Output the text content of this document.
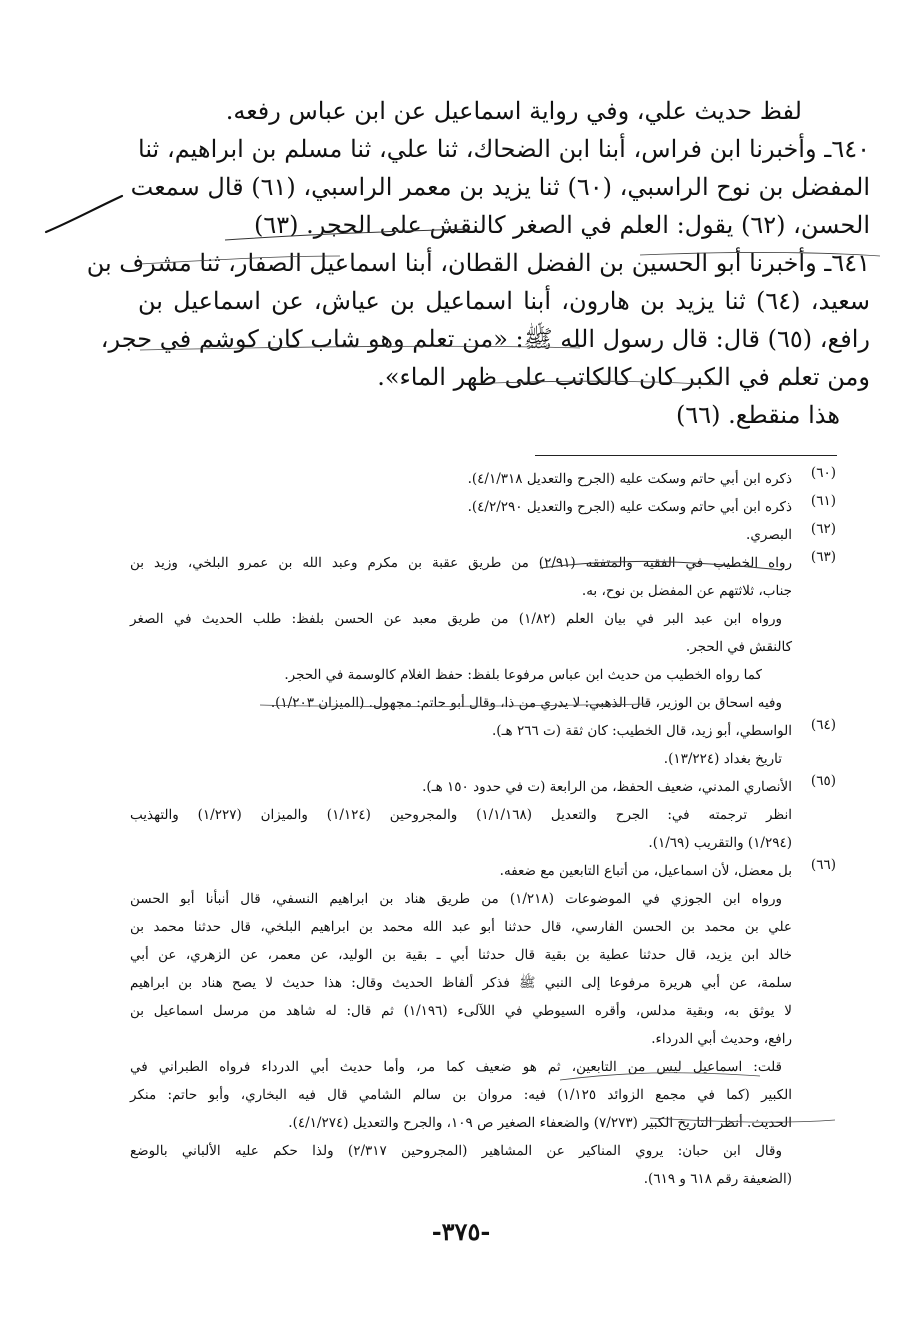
لفظ حديث علي، وفي رواية اسماعيل عن ابن عباس رفعه.

٦٤٠ـ وأخبرنا ابن فراس، أبنا ابن الضحاك، ثنا علي، ثنا مسلم بن ابراهيم، ثنا

المفضل بن نوح الراسبي، (٦٠) ثنا يزيد بن معمر الراسبي، (٦١) قال سمعت

الحسن، (٦٢) يقول: العلم في الصغر كالنقش على الحجر. (٦٣)

٦٤١ـ وأخبرنا أبو الحسين بن الفضل القطان، أبنا اسماعيل الصفار، ثنا مشرف بن

سعيد، (٦٤) ثنا يزيد بن هارون، أبنا اسماعيل بن عياش، عن اسماعيل بن

رافع، (٦٥) قال: قال رسول الله ﷺ: «من تعلم وهو شاب كان كوشم في حجر،

ومن تعلم في الكبر كان كالكاتب على ظهر الماء».

هذا منقطع. (٦٦)

(٦٠)

ذكره ابن أبي حاتم وسكت عليه (الجرح والتعديل ٤/١/٣١٨).

(٦١)

ذكره ابن أبي حاتم وسكت عليه (الجرح والتعديل ٤/٢/٢٩٠).

(٦٢)

البصري.

(٦٣)

رواه الخطيب في الفقيه والمتفقه (٢/٩١) من طريق عقبة بن مكرم وعبد الله بن عمرو البلخي، وزيد بن

جناب، ثلاثتهم عن المفضل بن نوح، به.

ورواه ابن عبد البر في بيان العلم (١/٨٢) من طريق معبد عن الحسن بلفظ: طلب الحديث في الصغر

كالنقش في الحجر.

كما رواه الخطيب من حديث ابن عباس مرفوعا بلفظ: حفظ الغلام كالوسمة في الحجر.

وفيه اسحاق بن الوزير، قال الذهبي: لا يدري من ذا، وقال أبو حاتم: مجهول. (الميزان ١/٢٠٣).

(٦٤)

الواسطي، أبو زيد، قال الخطيب: كان ثقة (ت ٢٦٦ هـ).

تاريخ بغداد (١٣/٢٢٤).

(٦٥)

الأنصاري المدني، ضعيف الحفظ، من الرابعة (ت في حدود ١٥٠ هـ).

انظر ترجمته في: الجرح والتعديل (١/١/١٦٨) والمجروحين (١/١٢٤) والميزان (١/٢٢٧) والتهذيب

(١/٢٩٤) والتقريب (١/٦٩).

(٦٦)

بل معضل، لأن اسماعيل، من أتباع التابعين مع ضعفه.

ورواه ابن الجوزي في الموضوعات (١/٢١٨) من طريق هناد بن ابراهيم النسفي، قال أنبأنا أبو الحسن

علي بن محمد بن الحسن الفارسي، قال حدثنا أبو عبد الله محمد بن ابراهيم البلخي، قال حدثنا محمد بن

خالد ابن يزيد، قال حدثنا عطية بن بقية قال حدثنا أبي ـ بقية بن الوليد، عن معمر، عن الزهري، عن أبي

سلمة، عن أبي هريرة مرفوعا إلى النبي ﷺ فذكر ألفاظ الحديث وقال: هذا حديث لا يصح هناد بن ابراهيم

لا يوثق به، وبقية مدلس، وأقره السيوطي في اللآلىء (١/١٩٦) ثم قال: له شاهد من مرسل اسماعيل بن

رافع، وحديث أبي الدرداء.

قلت: اسماعيل ليس من التابعين، ثم هو ضعيف كما مر، وأما حديث أبي الدرداء فرواه الطبراني في

الكبير (كما في مجمع الزوائد ١/١٢٥) فيه: مروان بن سالم الشامي قال فيه البخاري، وأبو حاتم: منكر

الحديث. أنظر التاريخ الكبير (٧/٢٧٣) والضعفاء الصغير ص ١٠٩، والجرح والتعديل (٤/١/٢٧٤).

وقال ابن حبان: يروي المناكير عن المشاهير (المجروحين ٢/٣١٧) ولذا حكم عليه الألباني بالوضع

(الضعيفة رقم ٦١٨ و ٦١٩).

-٣٧٥-
